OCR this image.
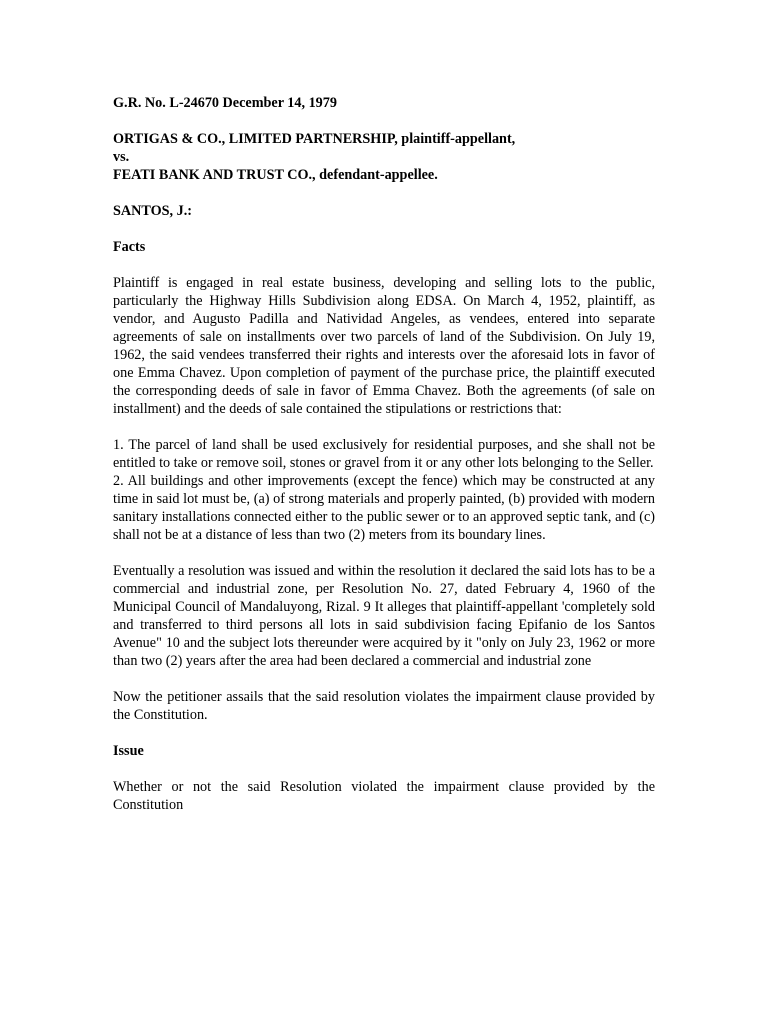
G.R. No. L-24670 December 14, 1979

ORTIGAS & CO., LIMITED PARTNERSHIP, plaintiff-appellant,

vs.

FEATI BANK AND TRUST CO., defendant-appellee.

SANTOS, J.:

Facts

Plaintiff is engaged in real estate business, developing and selling lots to the public, particularly the Highway Hills Subdivision along EDSA. On March 4, 1952, plaintiff, as vendor, and Augusto Padilla and Natividad Angeles, as vendees, entered into separate agreements of sale on installments over two parcels of land of the Subdivision. On July 19, 1962, the said vendees transferred their rights and interests over the aforesaid lots in favor of one Emma Chavez. Upon completion of payment of the purchase price, the plaintiff executed the corresponding deeds of sale in favor of Emma Chavez. Both the agreements (of sale on installment) and the deeds of sale contained the stipulations or restrictions that:

1. The parcel of land shall be used exclusively for residential purposes, and she shall not be entitled to take or remove soil, stones or gravel from it or any other lots belonging to the Seller.

2. All buildings and other improvements (except the fence) which may be constructed at any time in said lot must be, (a) of strong materials and properly painted, (b) provided with modern sanitary installations connected either to the public sewer or to an approved septic tank, and (c) shall not be at a distance of less than two (2) meters from its boundary lines.

Eventually a resolution was issued and within the resolution it declared the said lots has to be a commercial and industrial zone, per Resolution No. 27, dated February 4, 1960 of the Municipal Council of Mandaluyong, Rizal. 9 It alleges that plaintiff-appellant 'completely sold and transferred to third persons all lots in said subdivision facing Epifanio de los Santos Avenue" 10 and the subject lots thereunder were acquired by it "only on July 23, 1962 or more than two (2) years after the area had been declared a commercial and industrial zone

Now the petitioner assails that the said resolution violates the impairment clause provided by the Constitution.

Issue

Whether or not the said Resolution violated the impairment clause provided by the Constitution
